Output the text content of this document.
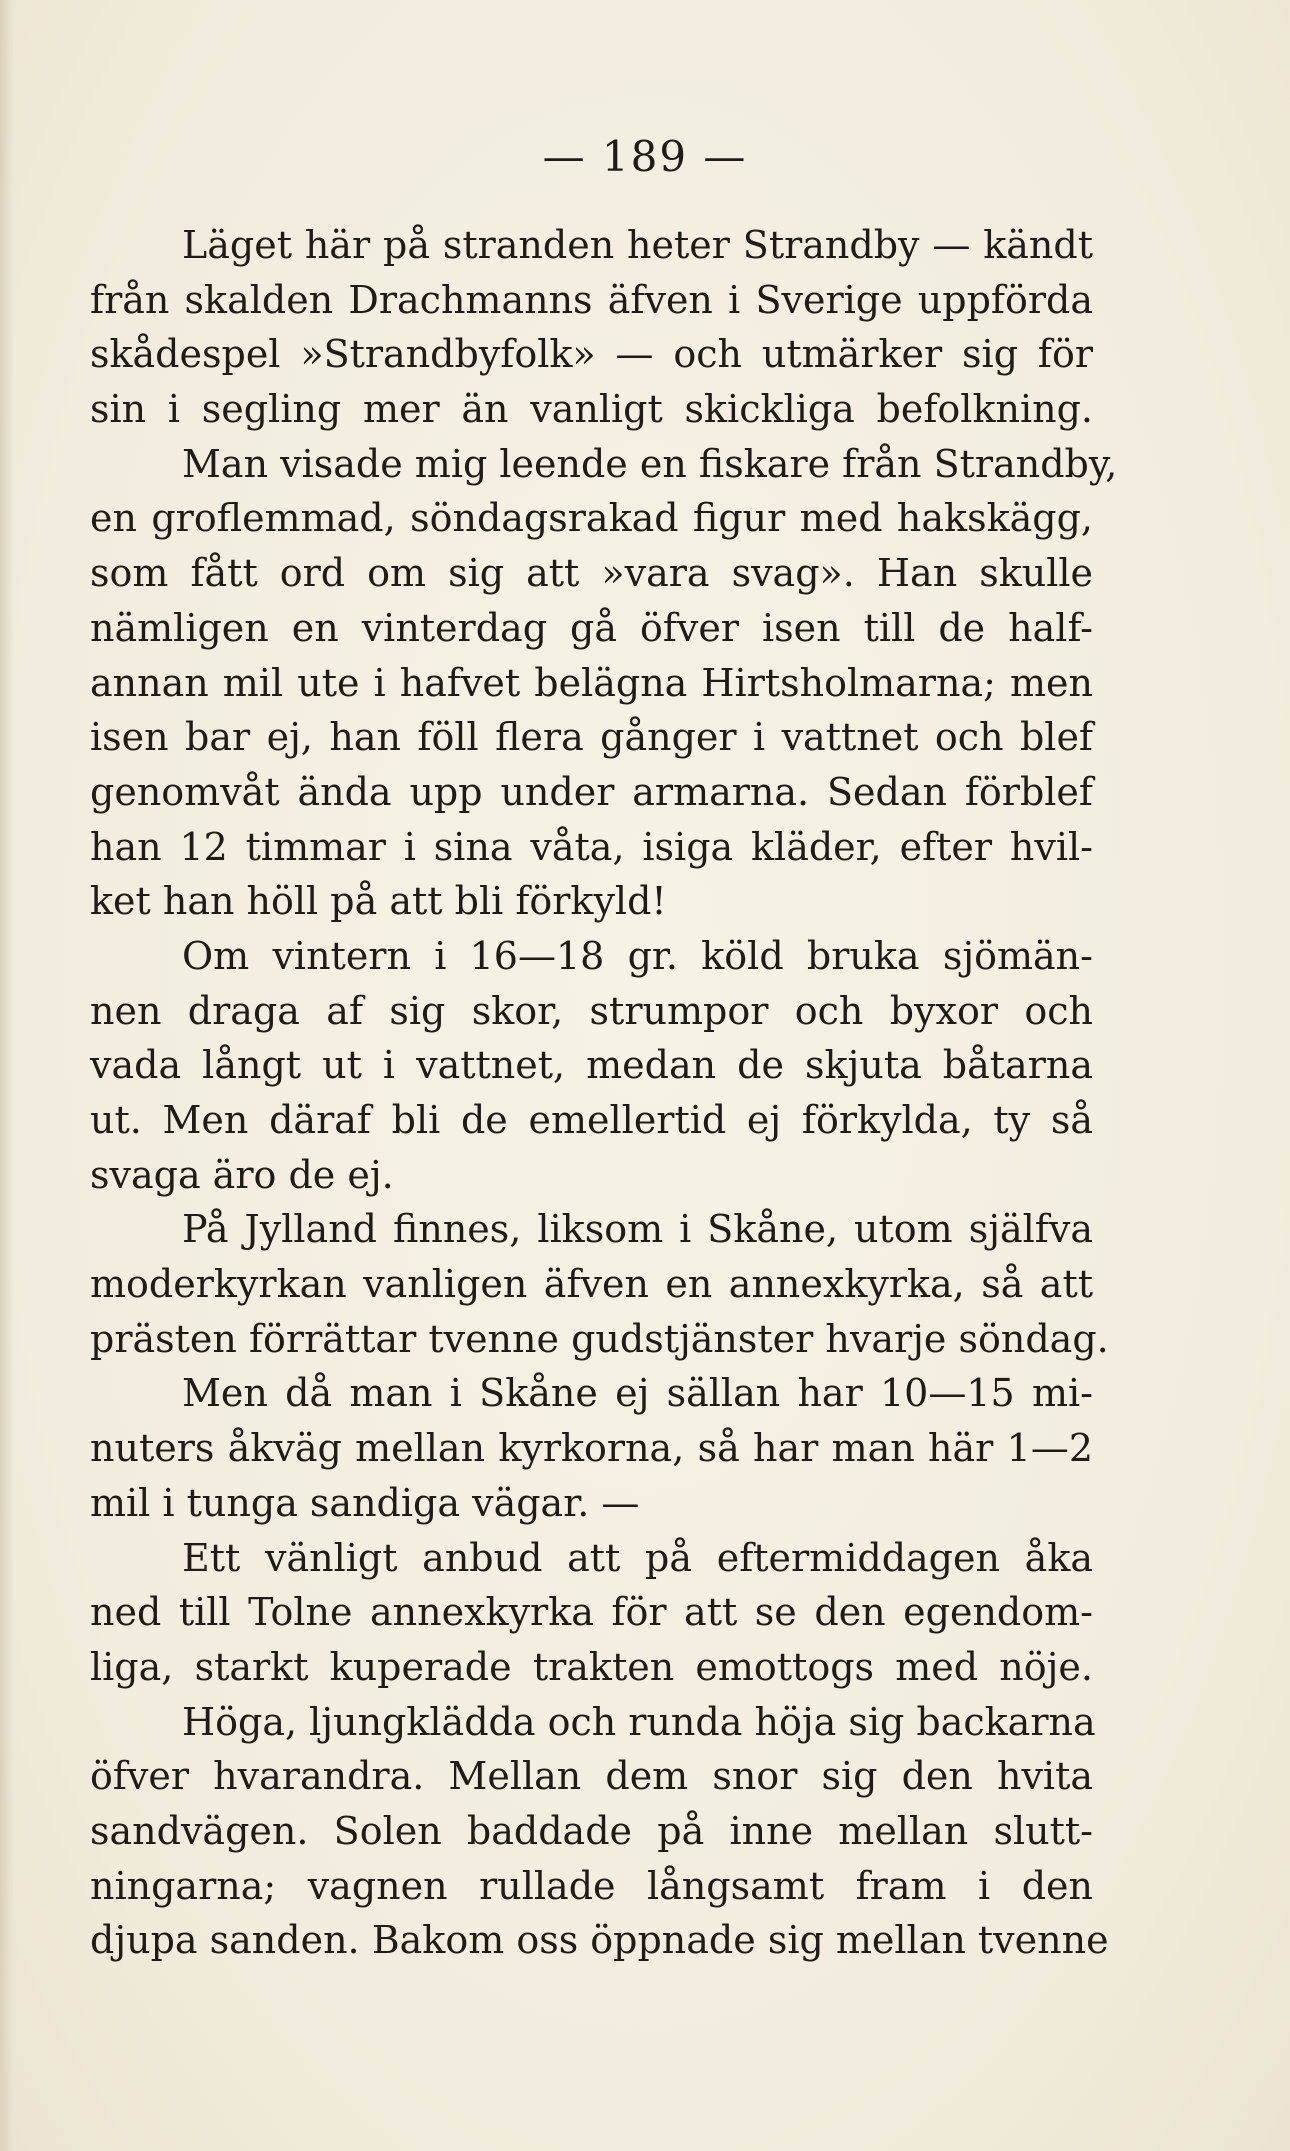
— 189 —
Läget här på stranden heter Strandby — kändt
från skalden Drachmanns äfven i Sverige uppförda
skådespel »Strandbyfolk» — och utmärker sig för
sin i segling mer än vanligt skickliga befolkning.
Man visade mig leende en fiskare från Strandby,
en groflemmad, söndagsrakad figur med hakskägg,
som fått ord om sig att »vara svag». Han skulle
nämligen en vinterdag gå öfver isen till de half-
annan mil ute i hafvet belägna Hirtsholmarna; men
isen bar ej, han föll flera gånger i vattnet och blef
genomvåt ända upp under armarna. Sedan förblef
han 12 timmar i sina våta, isiga kläder, efter hvil-
ket han höll på att bli förkyld!
Om vintern i 16—18 gr. köld bruka sjömän-
nen draga af sig skor, strumpor och byxor och
vada långt ut i vattnet, medan de skjuta båtarna
ut. Men däraf bli de emellertid ej förkylda, ty så
svaga äro de ej.
På Jylland finnes, liksom i Skåne, utom själfva
moderkyrkan vanligen äfven en annexkyrka, så att
prästen förrättar tvenne gudstjänster hvarje söndag.
Men då man i Skåne ej sällan har 10—15 mi-
nuters åkväg mellan kyrkorna, så har man här 1—2
mil i tunga sandiga vägar. —
Ett vänligt anbud att på eftermiddagen åka
ned till Tolne annexkyrka för att se den egendom-
liga, starkt kuperade trakten emottogs med nöje.
Höga, ljungklädda och runda höja sig backarna
öfver hvarandra. Mellan dem snor sig den hvita
sandvägen. Solen baddade på inne mellan slutt-
ningarna; vagnen rullade långsamt fram i den
djupa sanden. Bakom oss öppnade sig mellan tvenne
